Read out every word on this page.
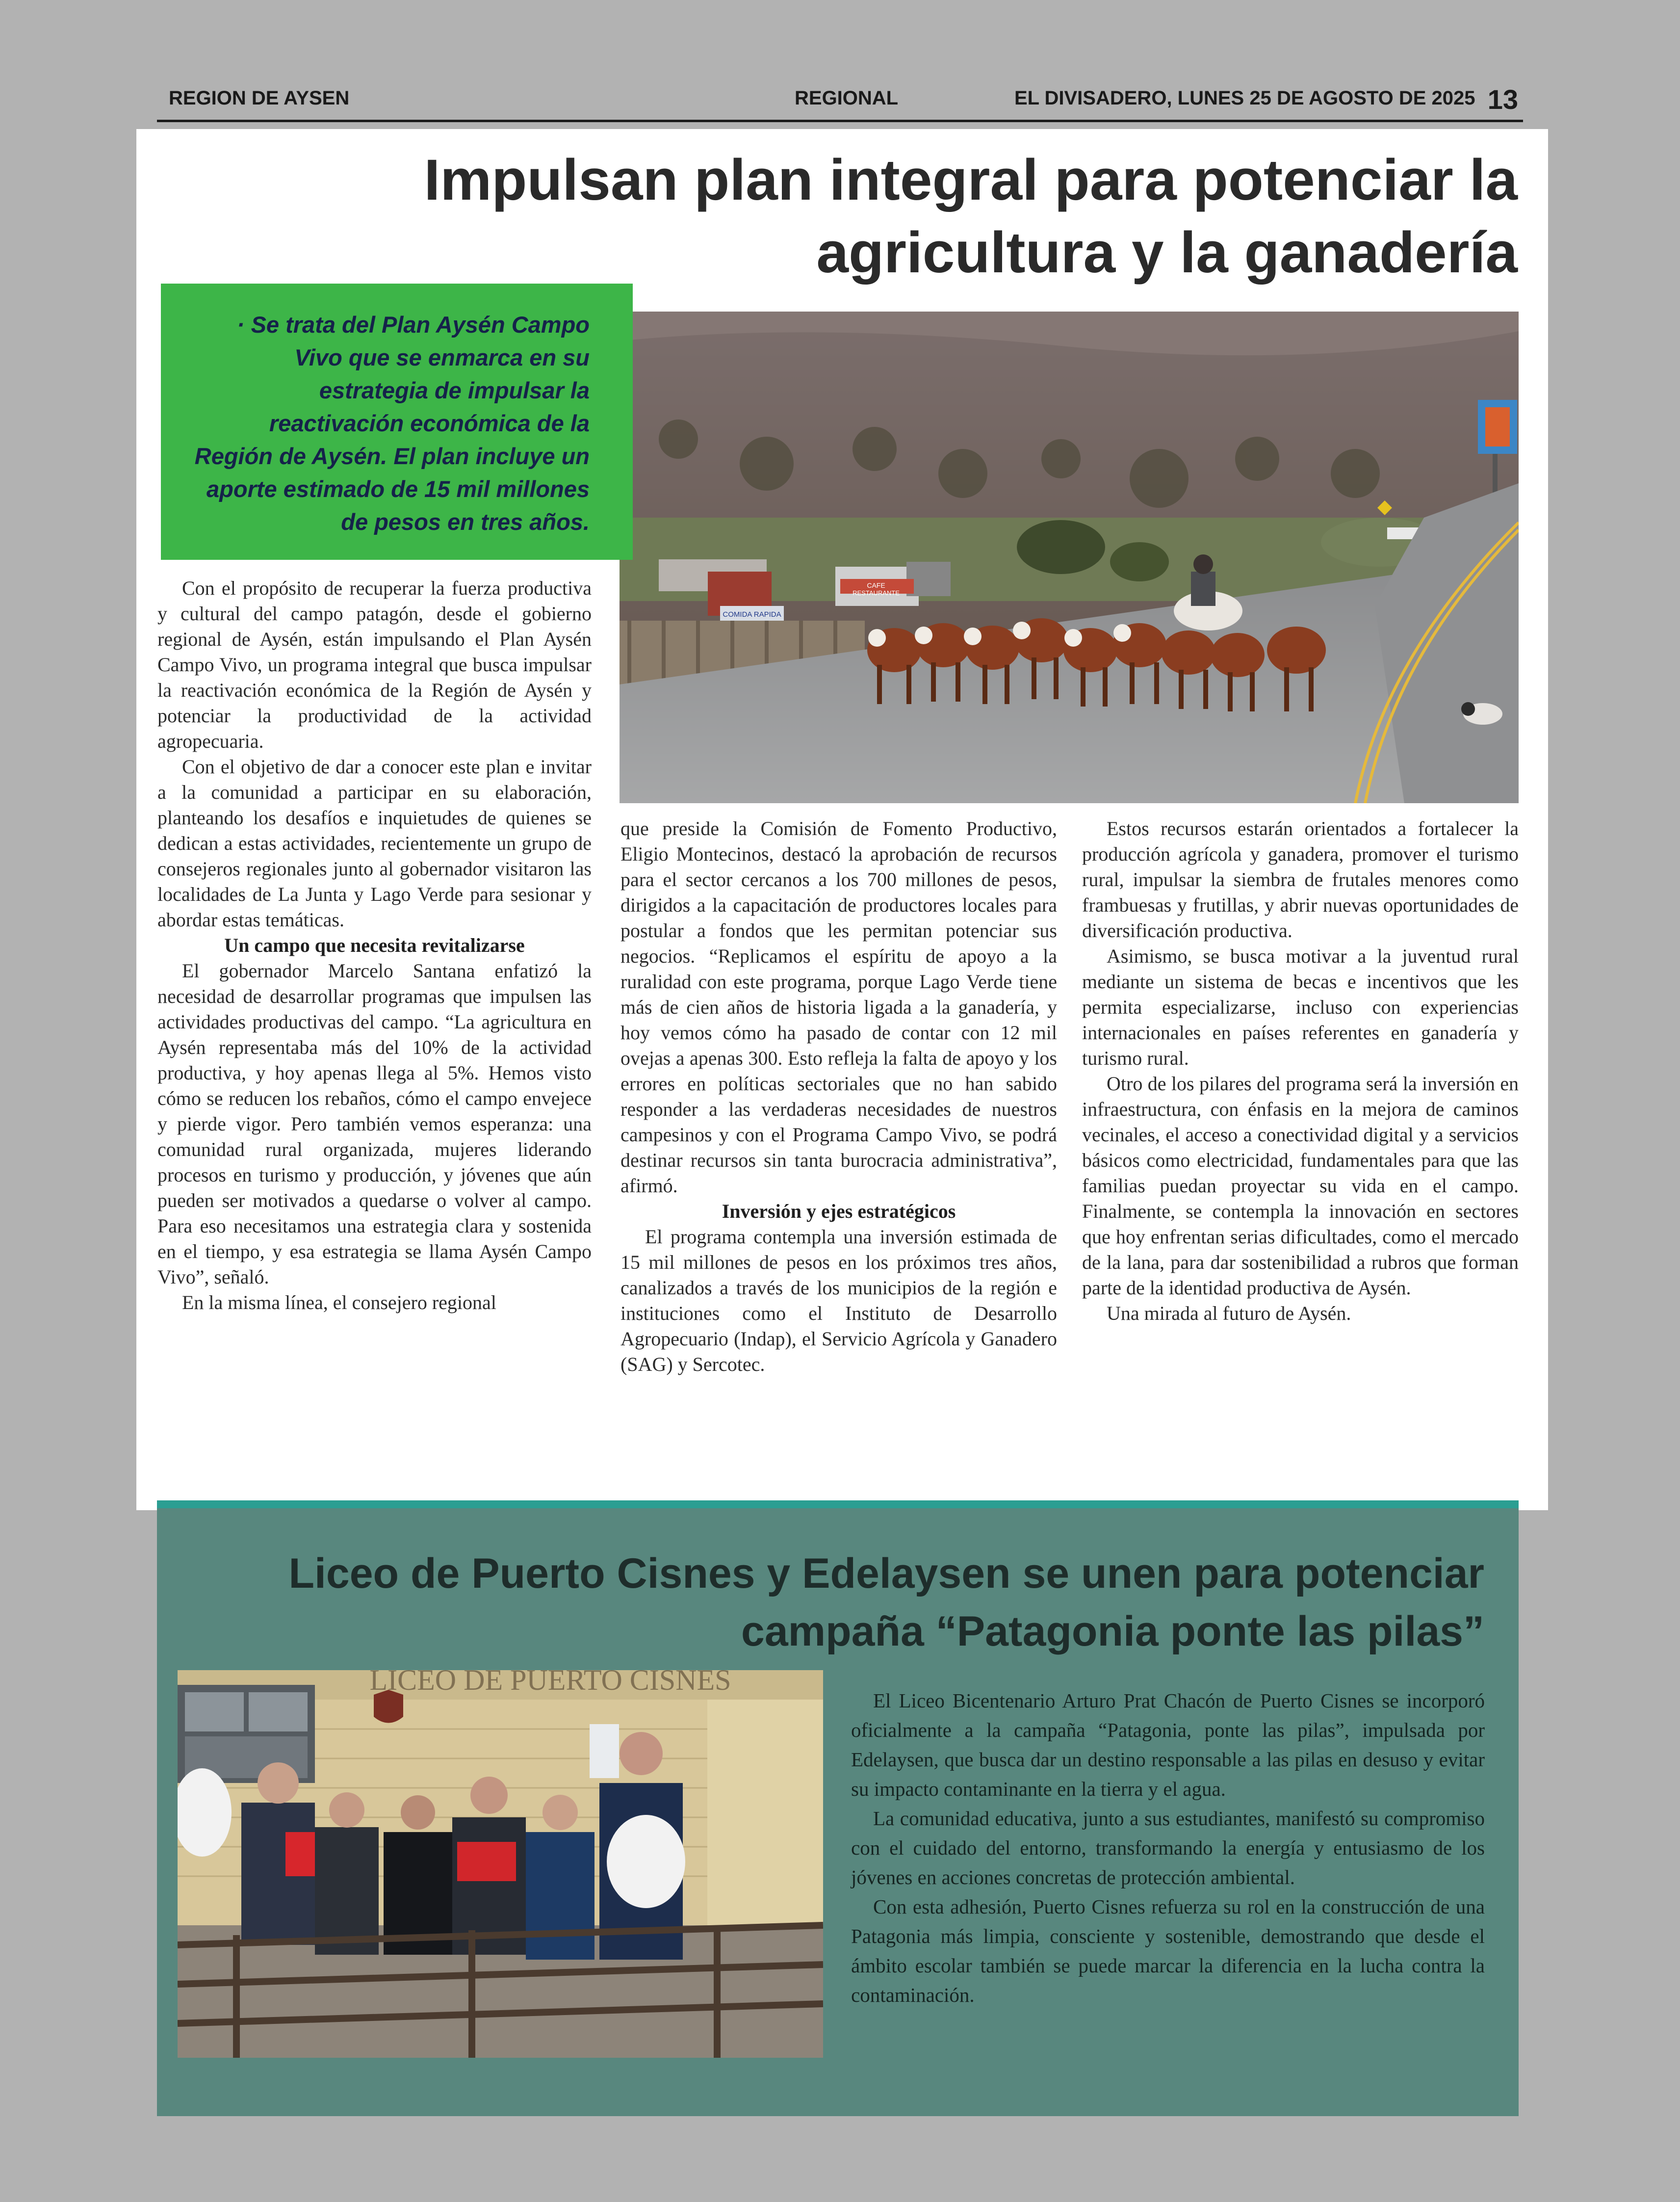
REGION DE AYSEN	REGIONAL	EL DIVISADERO, LUNES 25 DE AGOSTO DE 2025 13
Impulsan plan integral para potenciar la
agricultura y la ganadería
CAFE
RESTAURANTE
COMIDA RAPIDA
· Se trata del Plan Aysén Campo Vivo que se enmarca en su estrategia de impulsar la reactivación económica de la Región de Aysén. El plan incluye un aporte estimado de 15 mil millones de pesos en tres años.

Con el propósito de recuperar la fuerza productiva y cultural del campo patagón, desde el gobierno regional de Aysén, están impulsando el Plan Aysén Campo Vivo, un programa integral que busca impulsar la reactivación económica de la Región de Aysén y potenciar la productividad de la actividad agropecuaria.

Con el objetivo de dar a conocer este plan e invitar a la comunidad a participar en su elaboración, planteando los desafíos e inquietudes de quienes se dedican a estas actividades, recientemente un grupo de consejeros regionales junto al gobernador visitaron las localidades de La Junta y Lago Verde para sesionar y abordar estas temáticas.

Un campo que necesita revitalizarse

El gobernador Marcelo Santana enfatizó la necesidad de desarrollar programas que impulsen las actividades productivas del campo. “La agricultura en Aysén representaba más del 10% de la actividad productiva, y hoy apenas llega al 5%. Hemos visto cómo se reducen los rebaños, cómo el campo envejece y pierde vigor. Pero también vemos esperanza: una comunidad rural organizada, mujeres liderando procesos en turismo y producción, y jóvenes que aún pueden ser motivados a quedarse o volver al campo. Para eso necesitamos una estrategia clara y sostenida en el tiempo, y esa estrategia se llama Aysén Campo Vivo”, señaló.

En la misma línea, el consejero regional

que preside la Comisión de Fomento Productivo, Eligio Montecinos, destacó la aprobación de recursos para el sector cercanos a los 700 millones de pesos, dirigidos a la capacitación de productores locales para postular a fondos que les permitan potenciar sus negocios. “Replicamos el espíritu de apoyo a la ruralidad con este programa, porque Lago Verde tiene más de cien años de historia ligada a la ganadería, y hoy vemos cómo ha pasado de contar con 12 mil ovejas a apenas 300. Esto refleja la falta de apoyo y los errores en políticas sectoriales que no han sabido responder a las verdaderas necesidades de nuestros campesinos y con el Programa Campo Vivo, se podrá destinar recursos sin tanta burocracia administrativa”, afirmó.

Inversión y ejes estratégicos

El programa contempla una inversión estimada de 15 mil millones de pesos en los próximos tres años, canalizados a través de los municipios de la región e instituciones como el Instituto de Desarrollo Agropecuario (Indap), el Servicio Agrícola y Ganadero (SAG) y Sercotec.

Estos recursos estarán orientados a fortalecer la producción agrícola y ganadera, promover el turismo rural, impulsar la siembra de frutales menores como frambuesas y frutillas, y abrir nuevas oportunidades de diversificación productiva.

Asimismo, se busca motivar a la juventud rural mediante un sistema de becas e incentivos que les permita especializarse, incluso con experiencias internacionales en países referentes en ganadería y turismo rural.

Otro de los pilares del programa será la inversión en infraestructura, con énfasis en la mejora de caminos vecinales, el acceso a conectividad digital y a servicios básicos como electricidad, fundamentales para que las familias puedan proyectar su vida en el campo. Finalmente, se contempla la innovación en sectores que hoy enfrentan serias dificultades, como el mercado de la lana, para dar sostenibilidad a rubros que forman parte de la identidad productiva de Aysén.

Una mirada al futuro de Aysén.

Liceo de Puerto Cisnes y Edelaysen se unen para potenciar
campaña “Patagonia ponte las pilas”
LICEO DE PUERTO CISNES

El Liceo Bicentenario Arturo Prat Chacón de Puerto Cisnes se incorporó oficialmente a la campaña “Patagonia, ponte las pilas”, impulsada por Edelaysen, que busca dar un destino responsable a las pilas en desuso y evitar su impacto contaminante en la tierra y el agua.

La comunidad educativa, junto a sus estudiantes, manifestó su compromiso con el cuidado del entorno, transformando la energía y entusiasmo de los jóvenes en acciones concretas de protección ambiental.

Con esta adhesión, Puerto Cisnes refuerza su rol en la construcción de una Patagonia más limpia, consciente y sostenible, demostrando que desde el ámbito escolar también se puede marcar la diferencia en la lucha contra la contaminación.
